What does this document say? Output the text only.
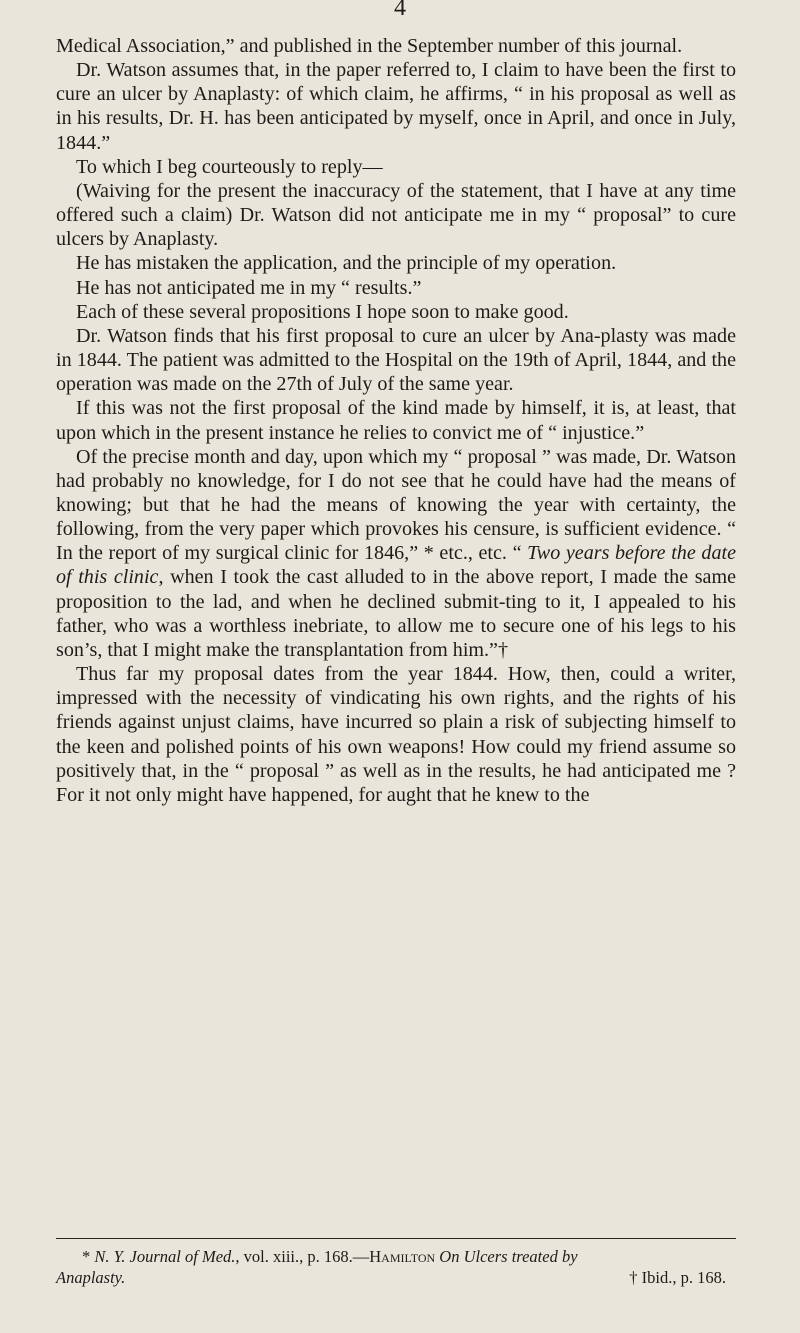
4

Medical Association,” and published in the September number of this journal.

Dr. Watson assumes that, in the paper referred to, I claim to have been the first to cure an ulcer by Anaplasty: of which claim, he affirms, “ in his proposal as well as in his results, Dr. H. has been anticipated by myself, once in April, and once in July, 1844.”

To which I beg courteously to reply—

(Waiving for the present the inaccuracy of the statement, that I have at any time offered such a claim) Dr. Watson did not anticipate me in my “ proposal” to cure ulcers by Anaplasty.

He has mistaken the application, and the principle of my operation.

He has not anticipated me in my “ results.”

Each of these several propositions I hope soon to make good.

Dr. Watson finds that his first proposal to cure an ulcer by Ana-plasty was made in 1844. The patient was admitted to the Hospital on the 19th of April, 1844, and the operation was made on the 27th of July of the same year.

If this was not the first proposal of the kind made by himself, it is, at least, that upon which in the present instance he relies to convict me of “ injustice.”

Of the precise month and day, upon which my “ proposal ” was made, Dr. Watson had probably no knowledge, for I do not see that he could have had the means of knowing; but that he had the means of knowing the year with certainty, the following, from the very paper which provokes his censure, is sufficient evidence. “ In the report of my surgical clinic for 1846,” * etc., etc. “ Two years before the date of this clinic, when I took the cast alluded to in the above report, I made the same proposition to the lad, and when he declined submit-ting to it, I appealed to his father, who was a worthless inebriate, to allow me to secure one of his legs to his son’s, that I might make the transplantation from him.”†

Thus far my proposal dates from the year 1844. How, then, could a writer, impressed with the necessity of vindicating his own rights, and the rights of his friends against unjust claims, have incurred so plain a risk of subjecting himself to the keen and polished points of his own weapons! How could my friend assume so positively that, in the “ proposal ” as well as in the results, he had anticipated me ? For it not only might have happened, for aught that he knew to the

* N. Y. Journal of Med., vol. xiii., p. 168.—Hamilton On Ulcers treated by

Anaplasty.	† Ibid., p. 168.
